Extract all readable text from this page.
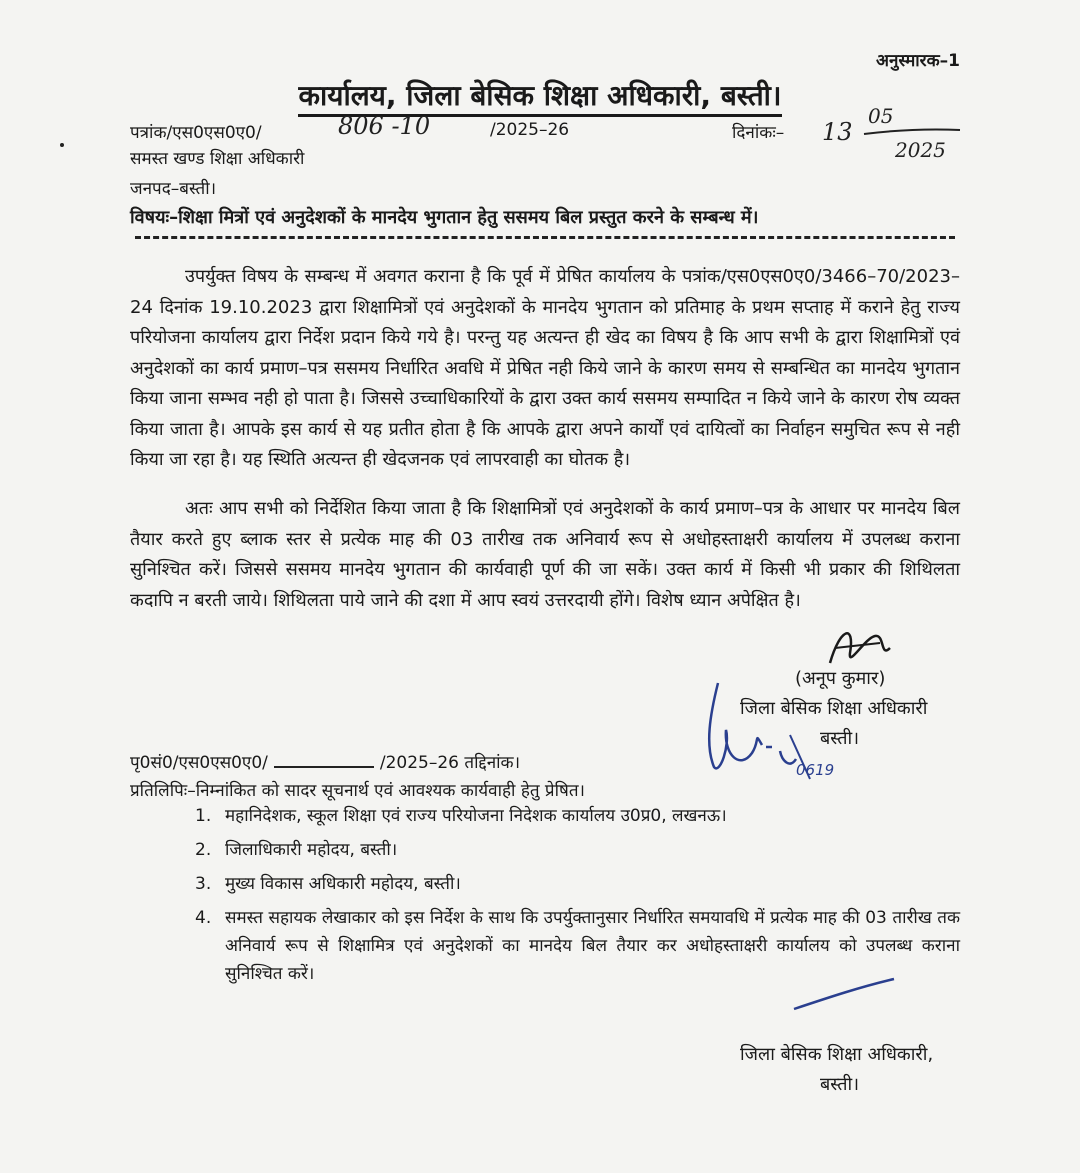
अनुस्मारक–1
कार्यालय, जिला बेसिक शिक्षा अधिकारी, बस्ती।
पत्रांक/एस0एस0ए0/	806 -10	/2025–26	दिनांकः– 13
05
2025
समस्त खण्ड शिक्षा अधिकारी
जनपद–बस्ती।
विषयः–शिक्षा मित्रों एवं अनुदेशकों के मानदेय भुगतान हेतु ससमय बिल प्रस्तुत करने के सम्बन्ध में।
उपर्युक्त विषय के सम्बन्ध में अवगत कराना है कि पूर्व में प्रेषित कार्यालय के पत्रांक/एस0एस0ए0/3466–70/2023–24 दिनांक 19.10.2023 द्वारा शिक्षामित्रों एवं अनुदेशकों के मानदेय भुगतान को प्रतिमाह के प्रथम सप्ताह में कराने हेतु राज्य परियोजना कार्यालय द्वारा निर्देश प्रदान किये गये है। परन्तु यह अत्यन्त ही खेद का विषय है कि आप सभी के द्वारा शिक्षामित्रों एवं अनुदेशकों का कार्य प्रमाण–पत्र ससमय निर्धारित अवधि में प्रेषित नही किये जाने के कारण समय से सम्बन्धित का मानदेय भुगतान किया जाना सम्भव नही हो पाता है। जिससे उच्चाधिकारियों के द्वारा उक्त कार्य ससमय सम्पादित न किये जाने के कारण रोष व्यक्त किया जाता है। आपके इस कार्य से यह प्रतीत होता है कि आपके द्वारा अपने कार्यों एवं दायित्वों का निर्वाहन समुचित रूप से नही किया जा रहा है। यह स्थिति अत्यन्त ही खेदजनक एवं लापरवाही का घोतक है।
अतः आप सभी को निर्देशित किया जाता है कि शिक्षामित्रों एवं अनुदेशकों के कार्य प्रमाण–पत्र के आधार पर मानदेय बिल तैयार करते हुए ब्लाक स्तर से प्रत्येक माह की 03 तारीख तक अनिवार्य रूप से अधोहस्ताक्षरी कार्यालय में उपलब्ध कराना सुनिश्चित करें। जिससे ससमय मानदेय भुगतान की कार्यवाही पूर्ण की जा सकें। उक्त कार्य में किसी भी प्रकार की शिथिलता कदापि न बरती जाये। शिथिलता पाये जाने की दशा में आप स्वयं उत्तरदायी होंगे। विशेष ध्यान अपेक्षित है।
(अनूप कुमार)
जिला बेसिक शिक्षा अधिकारी
बस्ती।
0619
पृ0सं0/एस0एस0ए0/	/2025–26 तद्दिनांक।
प्रतिलिपिः–निम्नांकित को सादर सूचनार्थ एवं आवश्यक कार्यवाही हेतु प्रेषित।
1. महानिदेशक, स्कूल शिक्षा एवं राज्य परियोजना निदेशक कार्यालय उ0प्र0, लखनऊ।
2. जिलाधिकारी महोदय, बस्ती।
3. मुख्य विकास अधिकारी महोदय, बस्ती।
4. समस्त सहायक लेखाकार को इस निर्देश के साथ कि उपर्युक्तानुसार निर्धारित समयावधि में प्रत्येक माह की 03 तारीख तक अनिवार्य रूप से शिक्षामित्र एवं अनुदेशकों का मानदेय बिल तैयार कर अधोहस्ताक्षरी कार्यालय को उपलब्ध कराना सुनिश्चित करें।
जिला बेसिक शिक्षा अधिकारी,
बस्ती।
